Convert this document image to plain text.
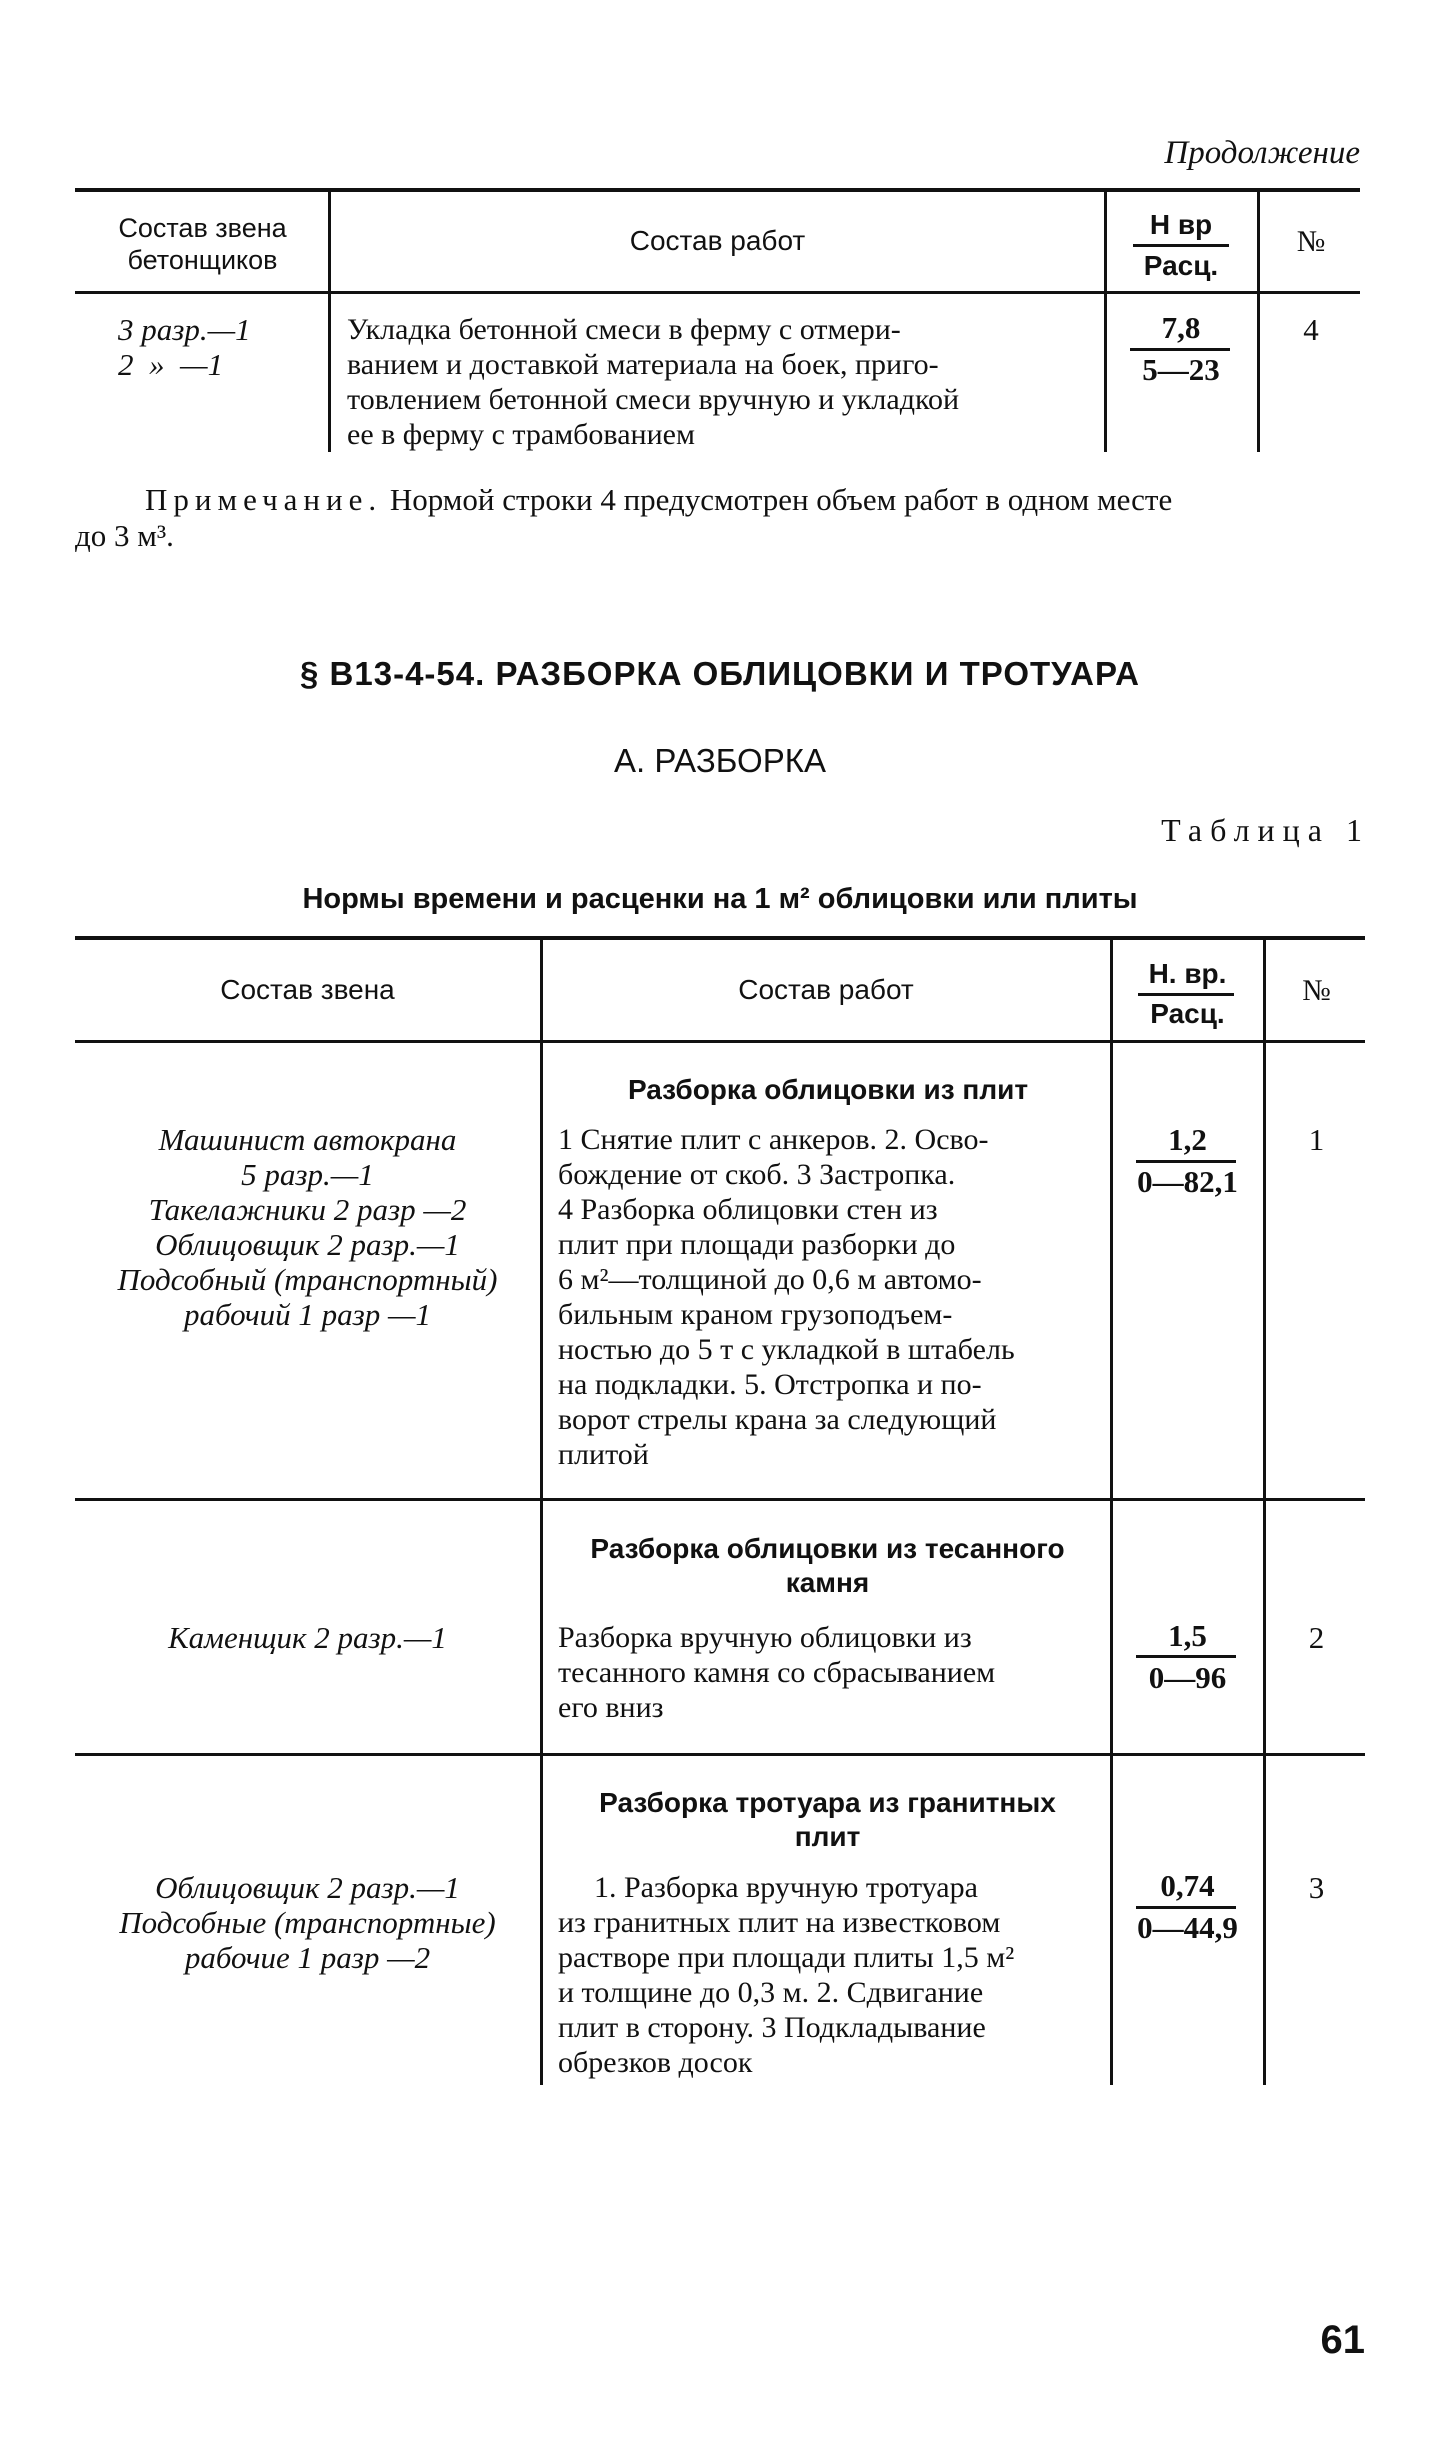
Продолжение
Состав звена
бетонщиков
Состав работ
Н вр
Расц.
№
3 разр.—1
2  »  —1
Укладка бетонной смеси в ферму с отмери-
ванием и доставкой материала на боек, приго-
товлением бетонной смеси вручную и укладкой
ее в ферму с трамбованием
7,8
5—23
4
Примечание. Нормой строки 4 предусмотрен объем работ в одном месте
до 3 м³.
§ В13-4-54. РАЗБОРКА ОБЛИЦОВКИ И ТРОТУАРА
А. РАЗБОРКА
Таблица 1
Нормы времени и расценки на 1 м² облицовки или плиты
Состав звена	Состав работ
Н. вр.
Расц.
№
Разборка облицовки из плит
Машинист автокрана
5 разр.—1
Такелажники 2 разр —2
Облицовщик 2 разр.—1
Подсобный (транспортный)
рабочий 1 разр —1
1 Снятие плит с анкеров. 2. Осво-
бождение от скоб. 3 Застропка.
4 Разборка облицовки стен из
плит при площади разборки до
6 м²—толщиной до 0,6 м автомо-
бильным краном грузоподъем-
ностью до 5 т с укладкой в штабель
на подкладки. 5. Отстропка и по-
ворот стрелы крана за следующий
плитой
1,2
0—82,1
1
Разборка облицовки из тесанного
камня
Каменщик 2 разр.—1	Разборка вручную облицовки из
тесанного камня со сбрасыванием
его вниз
1,5
0—96
2
Разборка тротуара из гранитных
плит
Облицовщик 2 разр.—1
Подсобные (транспортные)
рабочие 1 разр —2
1. Разборка вручную тротуара
из гранитных плит на известковом
растворе при площади плиты 1,5 м²
и толщине до 0,3 м. 2. Сдвигание
плит в сторону. 3 Подкладывание
обрезков досок
0,74
0—44,9
3
61
